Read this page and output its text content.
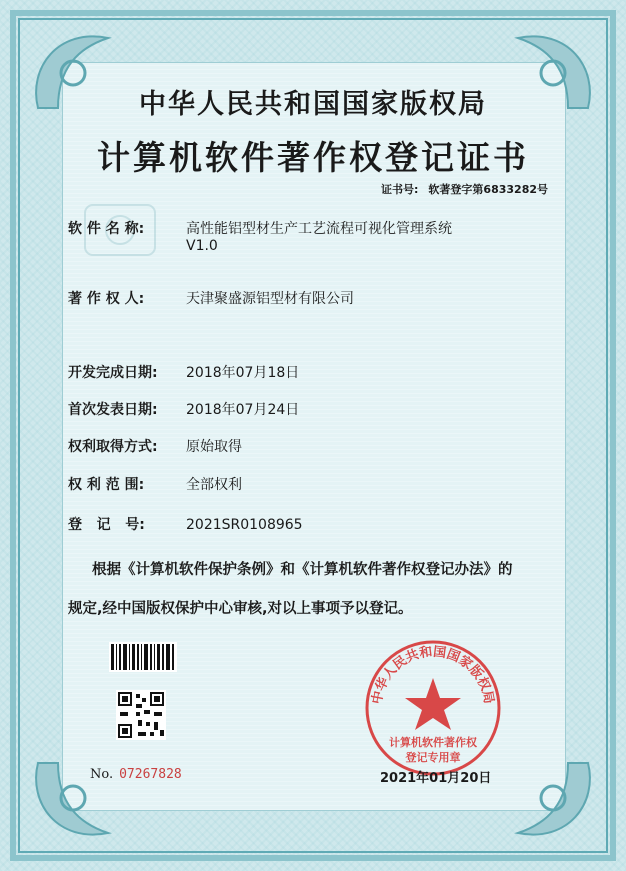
中华人民共和国国家版权局
计算机软件著作权登记证书
证书号: 软著登字第6833282号
软 件 名 称:	高性能铝型材生产工艺流程可视化管理系统
V1.0
著 作 权 人:	天津聚盛源铝型材有限公司
开发完成日期: 2018年07月18日
首次发表日期: 2018年07月24日
权利取得方式: 原始取得
权 利 范 围:	全部权利
登   记   号:	2021SR0108965
根据《计算机软件保护条例》和《计算机软件著作权登记办法》的
规定,经中国版权保护中心审核,对以上事项予以登记。
No. 07267828
中华人民共和国国家版权局
计算机软件著作权
登记专用章
2021年01月20日
